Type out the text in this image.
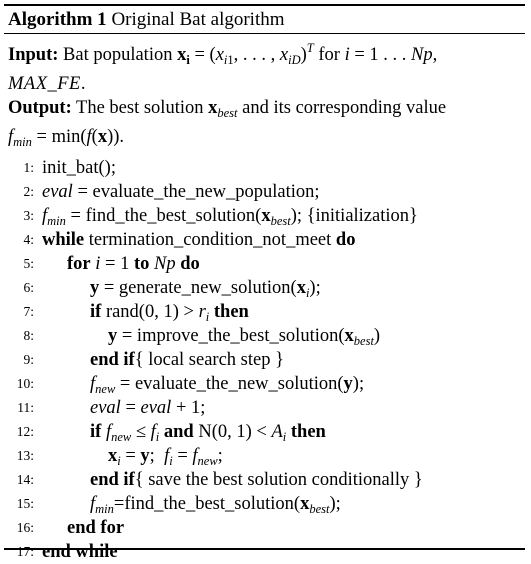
Algorithm 1 Original Bat algorithm
Input: Bat population $x_i = (x_{i1}$, . . . , $x_{iD})^T$ for i = 1 . . . Np,
MAX_FE.
Output: The best solution $x_{best}$ and its corresponding value
$f_{min} = \min(f(x))$.
1: init_bat();
2: eval = evaluate_the_new_population;
3: $f_{min}$ = $find\_the\_best\_solution(x_{best})$; {initialization}
4: while termination_condition_not_meet do
5: for i = 1 to Np do
6:	$y = generate\_new\_solution(x_i)$;
7:	if rand(0, $1) > r_i$ then
8:	$y = improve\_the\_best\_solution(x_{best})$
9:	end if{ local search step }
10:	$f_{new}$ = evaluate_the_new_solution(y);
11:	eval = eval + 1;
12:	if $f_{new} \le f_i$ and N(0, $1) < A_i$ then
13:	$x_i = y$;  $f_i = f_{new}$;
14:	end if{ save the best solution conditionally }
15:	$f_{min}=find\_the\_best\_solution(x_{best})$;
16: end for
17: end while
